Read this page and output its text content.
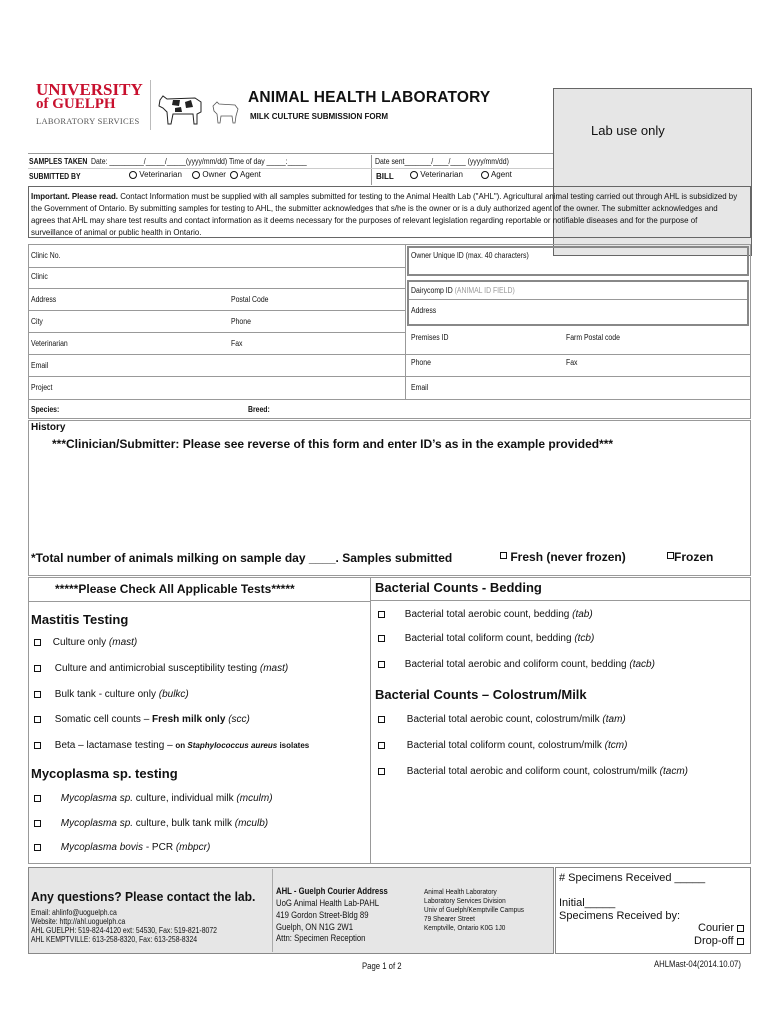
UNIVERSITY
of GUELPH
LABORATORY SERVICES
ANIMAL HEALTH LABORATORY
MILK CULTURE SUBMISSION FORM
Lab use only
SAMPLES TAKEN Date: _________/_____/_____(yyyy/mm/dd) Time of day _____:_____	Date sent_______/____/____ (yyyy/mm/dd)
SUBMITTED BY	Veterinarian	Owner Agent	BILL	Veterinarian	Agent
Important. Please read. Contact Information must be supplied with all samples submitted for testing to the Animal Health Lab ("AHL"). Agricultural animal testing carried out through AHL is subsidized by the Government of Ontario. By submitting samples for testing to AHL, the submitter acknowledges that s/he is the owner or is a duly authorized agent of the owner. The submitter acknowledges and agrees that AHL may share test results and contact information as it deems necessary for the purposes of relevant legislation regarding reportable or notifiable diseases and for the purpose of surveillance of animal or public health in Ontario.
Clinic No.
Clinic
Address	Postal Code
City	Phone
Veterinarian	Fax
Email
Project
Owner Unique ID (max. 40 characters)
Dairycomp ID (ANIMAL ID FIELD)
Address
Premises ID	Farm Postal code
Phone	Fax
Email
Species:	Breed:
History
***Clinician/Submitter: Please see reverse of this form and enter ID’s as in the example provided***
*Total number of animals milking on sample day ____. Samples submitted	Fresh (never frozen)	Frozen
*****Please Check All Applicable Tests*****
Mastitis Testing
Culture only (mast)
Culture and antimicrobial susceptibility testing (mast)
Bulk tank - culture only (bulkc)
Somatic cell counts – Fresh milk only (scc)
Beta – lactamase testing – on Staphylococcus aureus isolates
Mycoplasma sp. testing
Mycoplasma sp. culture, individual milk (mculm)
Mycoplasma sp. culture, bulk tank milk (mculb)
Mycoplasma bovis - PCR (mbpcr)
Bacterial Counts - Bedding
Bacterial total aerobic count, bedding (tab)
Bacterial total coliform count, bedding (tcb)
Bacterial total aerobic and coliform count, bedding (tacb)
Bacterial Counts – Colostrum/Milk
Bacterial total aerobic count, colostrum/milk (tam)
Bacterial total coliform count, colostrum/milk (tcm)
Bacterial total aerobic and coliform count, colostrum/milk (tacm)
Any questions? Please contact the lab.
Email: ahlinfo@uoguelph.ca
Website: http://ahl.uoguelph.ca
AHL GUELPH: 519-824-4120 ext: 54530, Fax: 519-821-8072
AHL KEMPTVILLE: 613-258-8320, Fax: 613-258-8324
AHL - Guelph Courier Address
UoG Animal Health Lab-PAHL
419 Gordon Street-Bldg 89
Guelph, ON N1G 2W1
Attn: Specimen Reception
Animal Health Laboratory
Laboratory Services Division
Univ of Guelph/Kemptville Campus
79 Shearer Street
Kemptville, Ontario K0G 1J0
# Specimens Received _____
Initial_____
Specimens Received by:
Courier
Drop-off
Page 1 of 2	AHLMast-04(2014.10.07)
